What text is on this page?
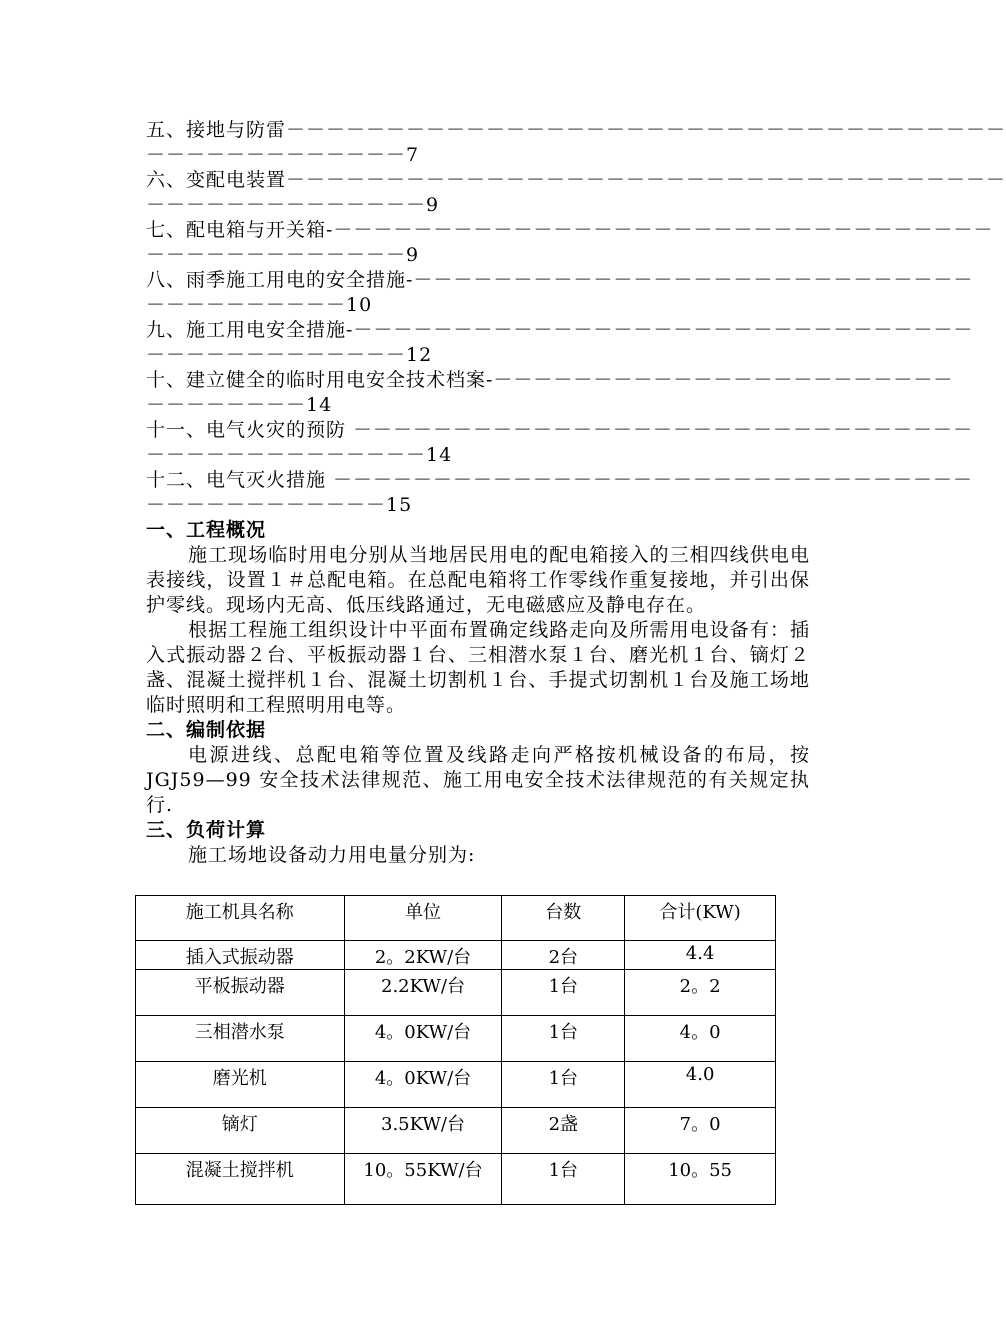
五、接地与防雷－－－－－－－－－－－－－－－－－－－－－－－－－－－－－－－－－－－－
－－－－－－－－－－－－－7
六、变配电装置－－－－－－－－－－－－－－－－－－－－－－－－－－－－－－－－－－－－
－－－－－－－－－－－－－－9
七、配电箱与开关箱-－－－－－－－－－－－－－－－－－－－－－－－－－－－－－－－－－
－－－－－－－－－－－－－9
八、雨季施工用电的安全措施-－－－－－－－－－－－－－－－－－－－－－－－－－－－－
－－－－－－－－－－10
九、施工用电安全措施-－－－－－－－－－－－－－－－－－－－－－－－－－－－－－－－
－－－－－－－－－－－－－12
十、建立健全的临时用电安全技术档案-－－－－－－－－－－－－－－－－－－－－－－－
－－－－－－－－14
十一、电气火灾的预防 －－－－－－－－－－－－－－－－－－－－－－－－－－－－－－－
－－－－－－－－－－－－－－14
十二、电气灭火措施 －－－－－－－－－－－－－－－－－－－－－－－－－－－－－－－－
－－－－－－－－－－－－15
一、工程概况
施工现场临时用电分别从当地居民用电的配电箱接入的三相四线供电电表接线，设置１＃总配电箱。在总配电箱将工作零线作重复接地，并引出保护零线。现场内无高、低压线路通过，无电磁感应及静电存在。
根据工程施工组织设计中平面布置确定线路走向及所需用电设备有：插入式振动器２台、平板振动器１台、三相潜水泵１台、磨光机１台、镝灯２盏、混凝土搅拌机１台、混凝土切割机１台、手提式切割机１台及施工场地临时照明和工程照明用电等。
二、编制依据
电源进线、总配电箱等位置及线路走向严格按机械设备的布局，按 JGJ59—99 安全技术法律规范、施工用电安全技术法律规范的有关规定执行.
三、负荷计算
施工场地设备动力用电量分别为:
施工机具名称	单位	台数	合计(KW)
插入式振动器	2。2KW/台	2台	4.4
平板振动器	2.2KW/台	1台	2。2
三相潜水泵	4。0KW/台	1台	4。0
磨光机	4。0KW/台	1台	4.0
镝灯	3.5KW/台	2盏	7。0
混凝土搅拌机	10。55KW/台	1台	10。55
